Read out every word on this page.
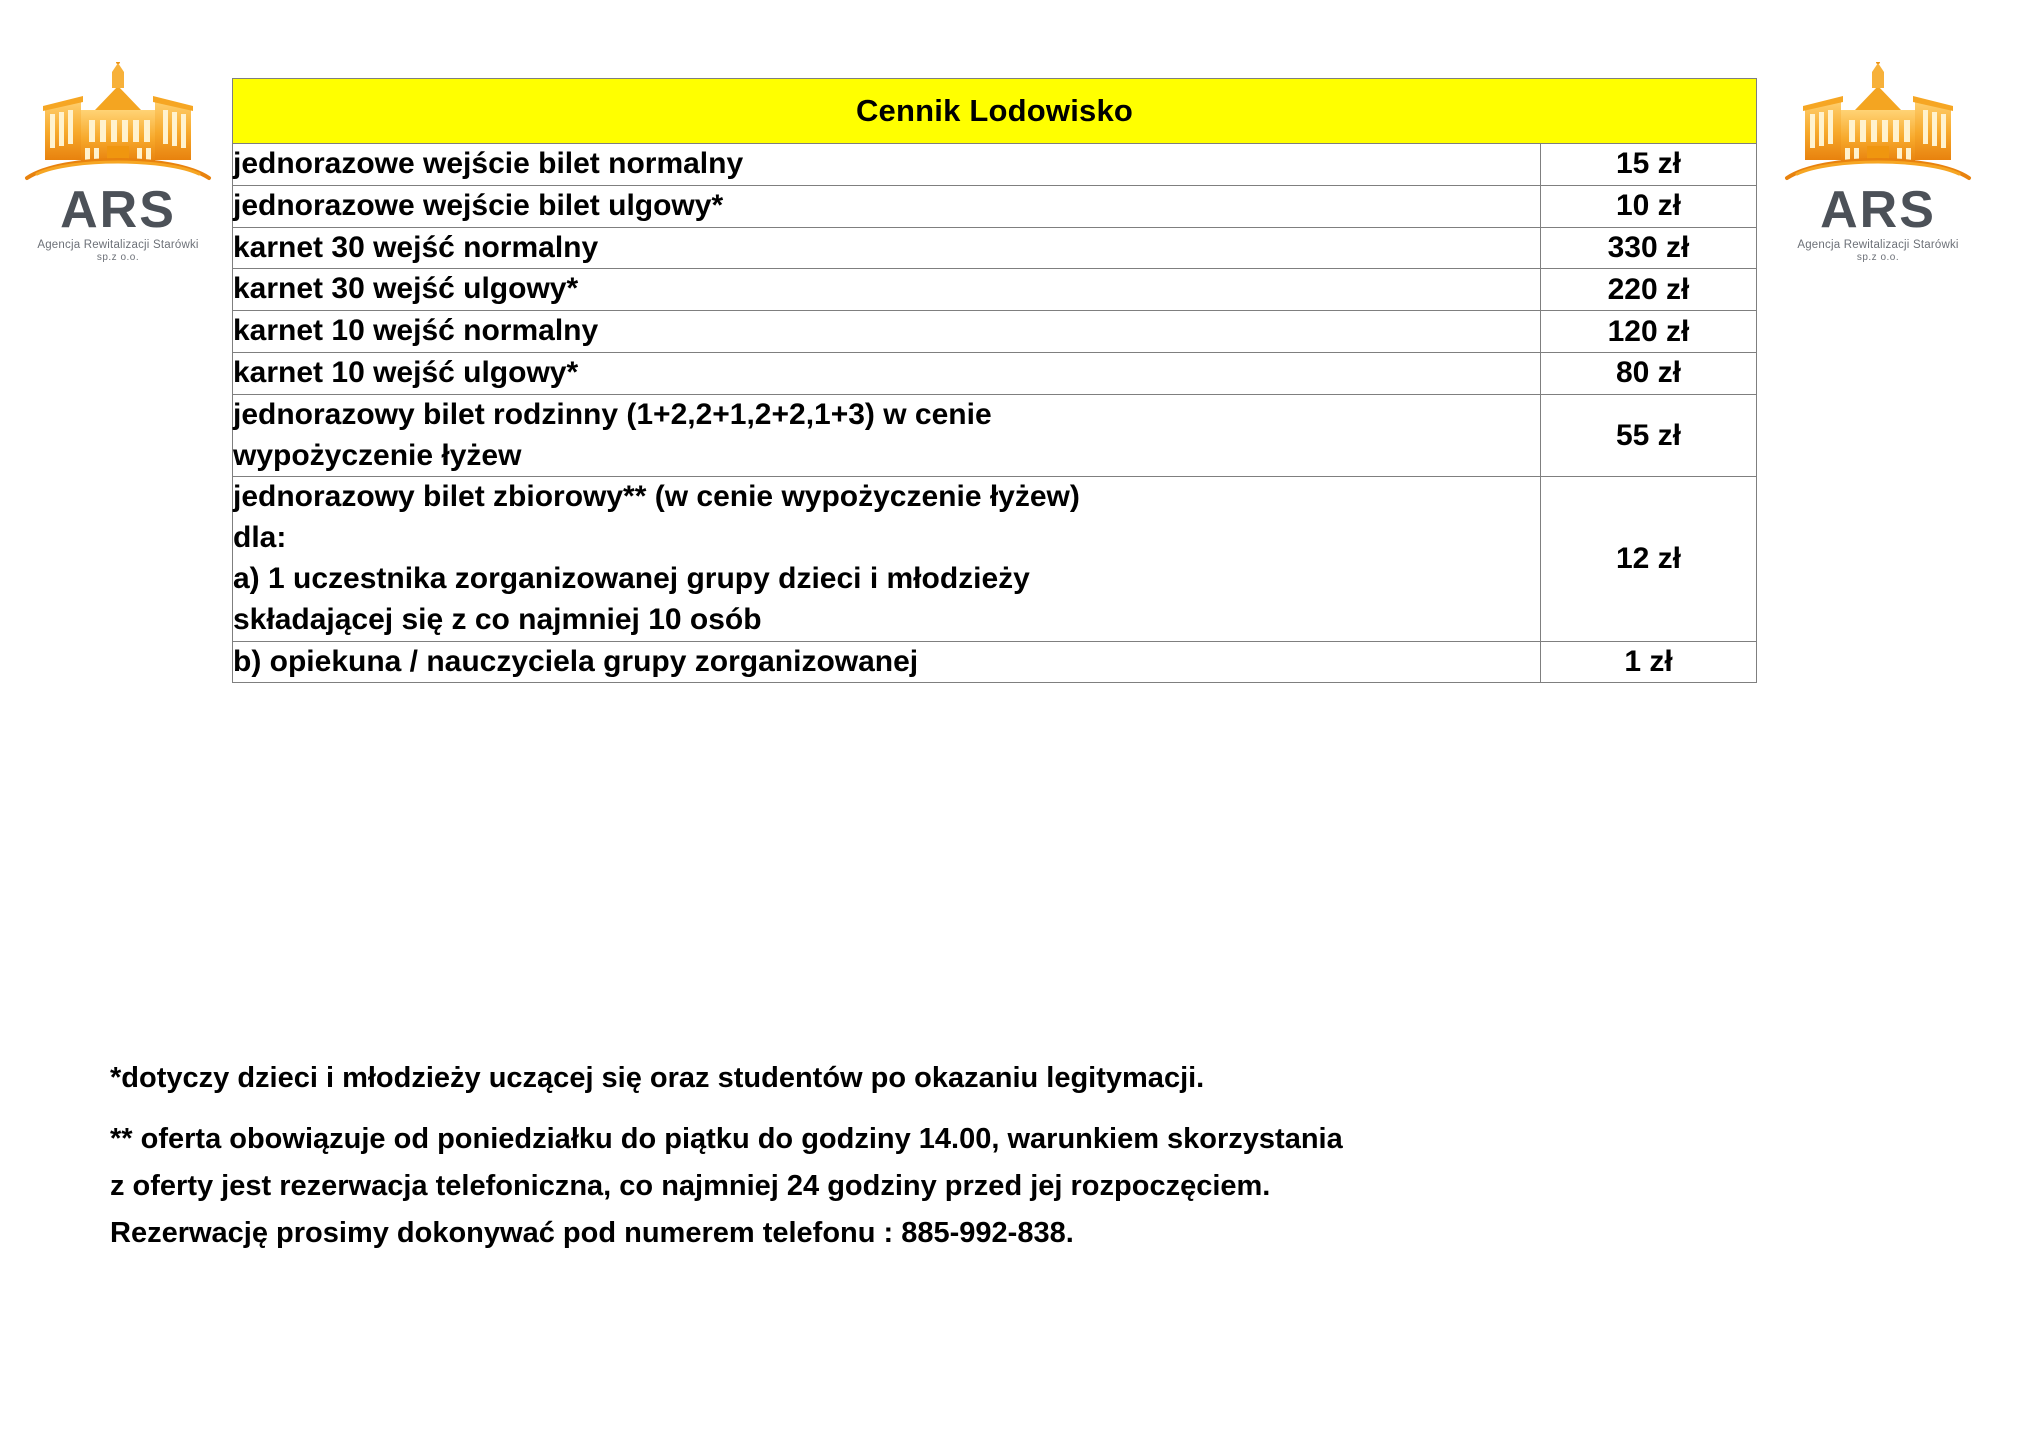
ARS
Agencja Rewitalizacji Starówki
sp.z o.o.
ARS
Agencja Rewitalizacji Starówki
sp.z o.o.
Cennik Lodowisko	
jednorazowe wejście bilet normalny	15 zł
jednorazowe wejście bilet ulgowy*	10 zł
karnet 30 wejść normalny	330 zł
karnet 30 wejść ulgowy*	220 zł
karnet 10 wejść normalny	120 zł
karnet 10 wejść ulgowy*	80 zł

jednorazowy bilet rodzinny (1+2,2+1,2+2,1+3) w cenie
wypożyczenie łyżew	55 zł

jednorazowy bilet zbiorowy** (w cenie wypożyczenie łyżew)
dla:
a) 1 uczestnika zorganizowanej grupy dzieci i młodzieży
składającej się z co najmniej 10 osób	12 zł
b) opiekuna / nauczyciela grupy zorganizowanej	1 zł

*dotyczy dzieci i młodzieży uczącej się oraz studentów po okazaniu legitymacji.

** oferta obowiązuje od poniedziałku do piątku do godziny 14.00, warunkiem skorzystania
z oferty jest rezerwacja telefoniczna, co najmniej 24 godziny przed jej rozpoczęciem.
Rezerwację prosimy dokonywać pod numerem telefonu : 885-992-838.
